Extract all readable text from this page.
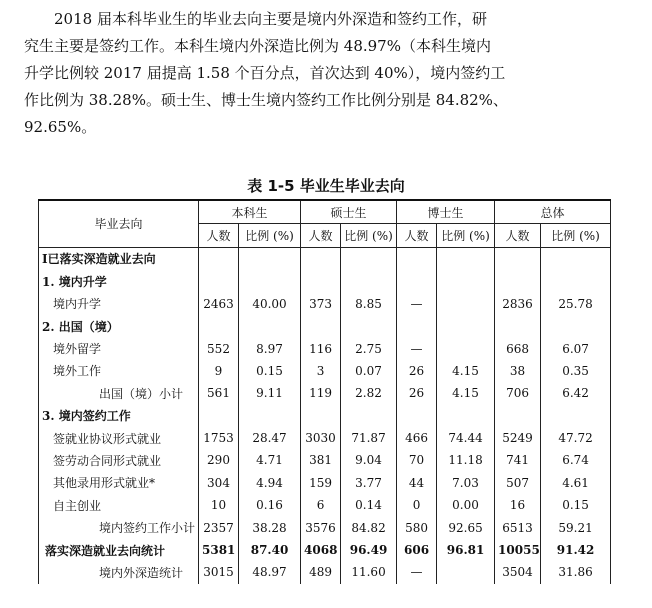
2018 届本科毕业生的毕业去向主要是境内外深造和签约工作，研
究生主要是签约工作。本科生境内外深造比例为 48.97%（本科生境内
升学比例较 2017 届提高 1.58 个百分点，首次达到 40%），境内签约工
作比例为 38.28%。硕士生、博士生境内签约工作比例分别是 84.82%、
92.65%。

表 1-5 毕业生毕业去向
毕业去向	本科生		硕士生		博士生		总体	
	人数	比例 (%)	人数	比例 (%)	人数	比例 (%)	人数	比例 (%)
Ⅰ已落实深造就业去向								
1. 境内升学								
境内升学	2463	40.00	373	8.85	—		2836	25.78
2. 出国（境）								
境外留学	552	8.97	116	2.75	—		668	6.07
境外工作	9	0.15	3	0.07	26	4.15	38	0.35
出国（境）小计	561	9.11	119	2.82	26	4.15	706	6.42
3. 境内签约工作								
签就业协议形式就业	1753	28.47	3030	71.87	466	74.44	5249	47.72
签劳动合同形式就业	290	4.71	381	9.04	70	11.18	741	6.74
其他录用形式就业*	304	4.94	159	3.77	44	7.03	507	4.61
自主创业	10	0.16	6	0.14	0	0.00	16	0.15
境内签约工作小计	2357	38.28	3576	84.82	580	92.65	6513	59.21
落实深造就业去向统计	5381	87.40	4068	96.49	606	96.81	10055	91.42
境内外深造统计	3015	48.97	489	11.60	—		3504	31.86
